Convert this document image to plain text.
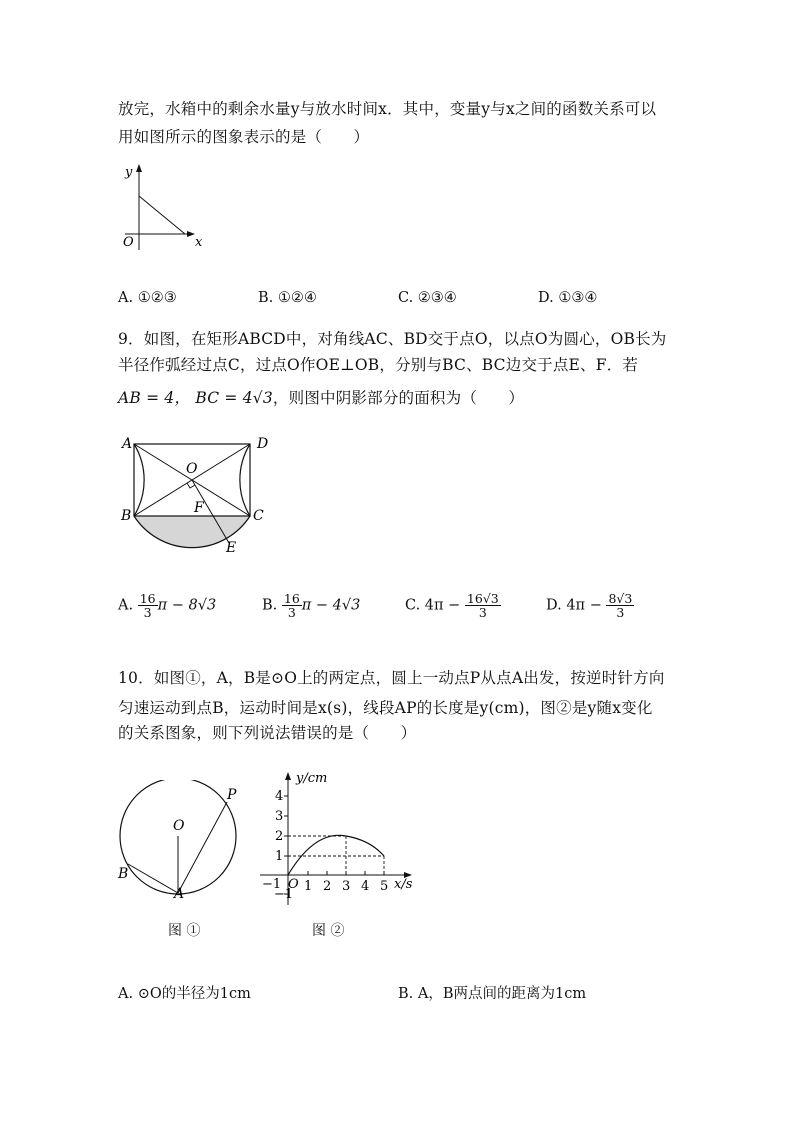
放完，水箱中的剩余水量y与放水时间x．其中，变量y与x之间的函数关系可以
用如图所示的图象表示的是（　　）
y
x
O
A. ①②③	B. ①②④	C. ②③④	D. ①③④
9．如图，在矩形ABCD中，对角线AC、BD交于点O，以点O为圆心，OB长为
半径作弧经过点C，过点O作OE⊥OB，分别与BC、BC边交于点E、F．若
AB = 4， BC = 4√3，则图中阴影部分的面积为（　　）
A	D
B	C
O
F
E
A. $\frac{16}{3}$ π − 8√3	B. $\frac{16}{3}$ π − 4√3	C. $4\pi - \frac{16√3}{3}$	D. $4\pi - \frac{8√3}{3}$
10．如图①，A，B是⊙O上的两定点，圆上一动点P从点A出发，按逆时针方向
匀速运动到点B，运动时间是x(s)，线段AP的长度是y(cm)，图②是y随x变化
的关系图象，则下列说法错误的是（　　）
O
P
B
A
图 ①
y/cm
x/s
O
4
3
2
1
−1
−1 1 2 3 4 5
图 ②
A. ⊙O的半径为1cm	B. A，B两点间的距离为1cm
